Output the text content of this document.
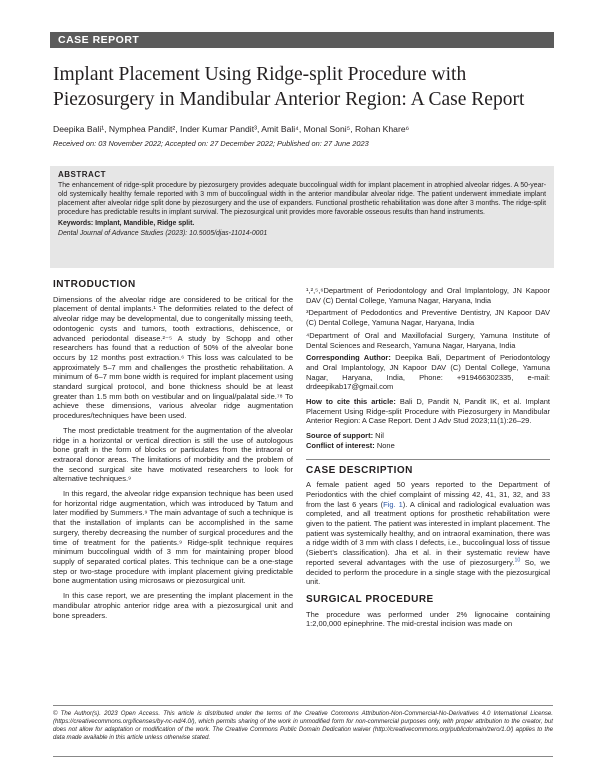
CASE REPORT
Implant Placement Using Ridge-split Procedure with Piezosurgery in Mandibular Anterior Region: A Case Report
Deepika Bali¹, Nymphea Pandit², Inder Kumar Pandit³, Amit Bali⁴, Monal Soni⁵, Rohan Khare⁶
Received on: 03 November 2022; Accepted on: 27 December 2022; Published on: 27 June 2023
ABSTRACT
The enhancement of ridge-split procedure by piezosurgery provides adequate buccolingual width for implant placement in atrophied alveolar ridges. A 50-year-old systemically healthy female reported with 3 mm of buccolingual width in the anterior mandibular alveolar ridge. The patient underwent immediate implant placement after alveolar ridge split done by piezosurgery and the use of expanders. Functional prosthetic rehabilitation was done after 3 months. The ridge-split procedure has predictable results in implant survival. The piezosurgical unit provides more favorable osseous results than hand instruments.
Keywords: Implant, Mandible, Ridge split.
Dental Journal of Advance Studies (2023): 10.5005/djas-11014-0001
INTRODUCTION

Dimensions of the alveolar ridge are considered to be critical for the placement of dental implants.¹ The deformities related to the defect of alveolar ridge may be developmental, due to congenitally missing teeth, odontogenic cysts and tumors, tooth extractions, dehiscence, or advanced periodontal disease.²⁻⁵ A study by Schopp and other researchers has found that a reduction of 50% of the alveolar bone occurs by 12 months post extraction.⁶ This loss was calculated to be approximately 5–7 mm and challenges the prosthetic rehabilitation. A minimum of 6–7 mm bone width is required for implant placement using standard surgical protocol, and bone thickness should be at least greater than 1.5 mm both on vestibular and on lingual/palatal side.⁷⁸ To achieve these dimensions, various alveolar ridge augmentation procedures/techniques have been used.

The most predictable treatment for the augmentation of the alveolar ridge in a horizontal or vertical direction is still the use of autologous bone graft in the form of blocks or particulates from the intraoral or extraoral donor areas. The limitations of morbidity and the problem of the second surgical site have motivated researchers to look for alternative techniques.⁹

In this regard, the alveolar ridge expansion technique has been used for horizontal ridge augmentation, which was introduced by Tatum and later modified by Summers.⁹ The main advantage of such a technique is that the installation of implants can be accomplished in the same surgery, thereby decreasing the number of surgical procedures and the time of treatment for the patients.⁹ Ridge-split technique requires minimum buccolingual width of 3 mm for maintaining proper blood supply of separated cortical plates. This technique can be a one-stage step or two-stage procedure with implant placement giving predictable bone augmentation using microsaws or piezosurgical unit.

In this case report, we are presenting the implant placement in the mandibular atrophic anterior ridge area with a piezosurgical unit and bone spreaders.

¹,²,⁵,⁶Department of Periodontology and Oral Implantology, JN Kapoor DAV (C) Dental College, Yamuna Nagar, Haryana, India

³Department of Pedodontics and Preventive Dentistry, JN Kapoor DAV (C) Dental College, Yamuna Nagar, Haryana, India

⁴Department of Oral and Maxillofacial Surgery, Yamuna Institute of Dental Sciences and Research, Yamuna Nagar, Haryana, India

Corresponding Author: Deepika Bali, Department of Periodontology and Oral Implantology, JN Kapoor DAV (C) Dental College, Yamuna Nagar, Haryana, India, Phone: +919466302335, e-mail: drdeepikab17@gmail.com

How to cite this article: Bali D, Pandit N, Pandit IK, et al. Implant Placement Using Ridge-split Procedure with Piezosurgery in Mandibular Anterior Region: A Case Report. Dent J Adv Stud 2023;11(1):26–29.

Source of support: Nil
Conflict of interest: None
CASE DESCRIPTION

A female patient aged 50 years reported to the Department of Periodontics with the chief complaint of missing 42, 41, 31, 32, and 33 from the last 6 years (Fig. 1). A clinical and radiological evaluation was completed, and all treatment options for prosthetic rehabilitation were given to the patient. The patient was interested in implant placement. The patient was systemically healthy, and on intraoral examination, there was a ridge width of 3 mm with class I defects, i.e., buccolingual loss of tissue (Siebert’s classification). Jha et al. in their systematic review have reported several advantages with the use of piezosurgery.$^{10}$ So, we decided to perform the procedure in a single stage with the piezosurgical unit.

SURGICAL PROCEDURE

The procedure was performed under 2% lignocaine containing 1:2,00,000 epinephrine. The mid-crestal incision was made on

© The Author(s). 2023 Open Access. This article is distributed under the terms of the Creative Commons Attribution-Non-Commercial-No-Derivatives 4.0 International License. (https://creativecommons.org/licenses/by-nc-nd/4.0/), which permits sharing of the work in unmodified form for non-commercial purposes only, with proper attribution to the creator, but does not allow for adaptation or modification of the work. The Creative Commons Public Domain Dedication waiver (http://creativecommons.org/publicdomain/zero/1.0/) applies to the data made available in this article unless otherwise stated.
